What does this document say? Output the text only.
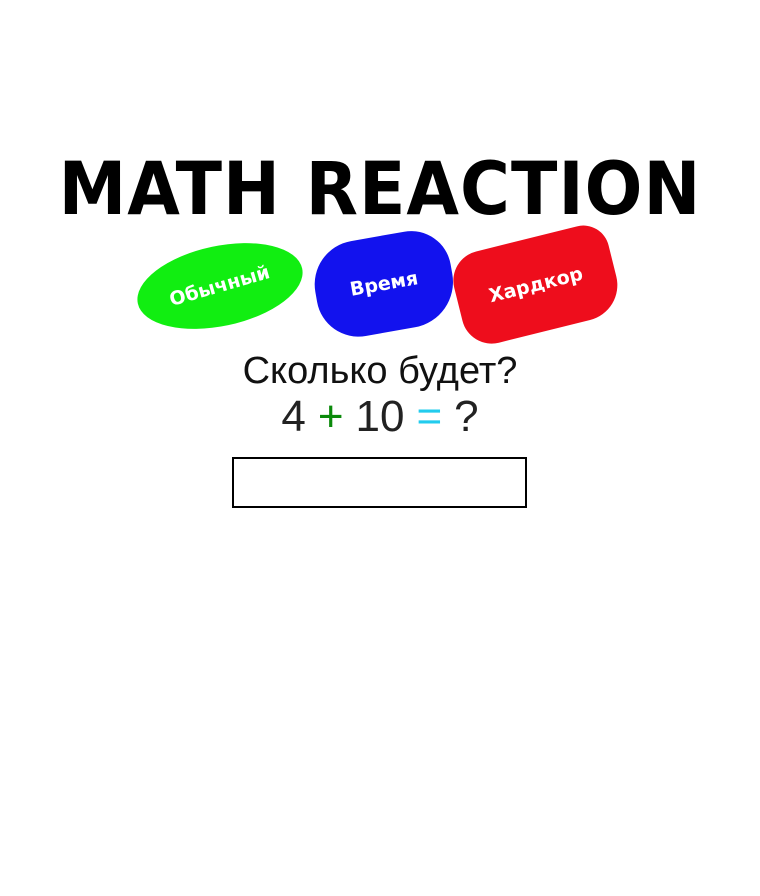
MATH REACTION
Обычный	Время	Хардкор

Сколько будет?

4 + 10 = ?
